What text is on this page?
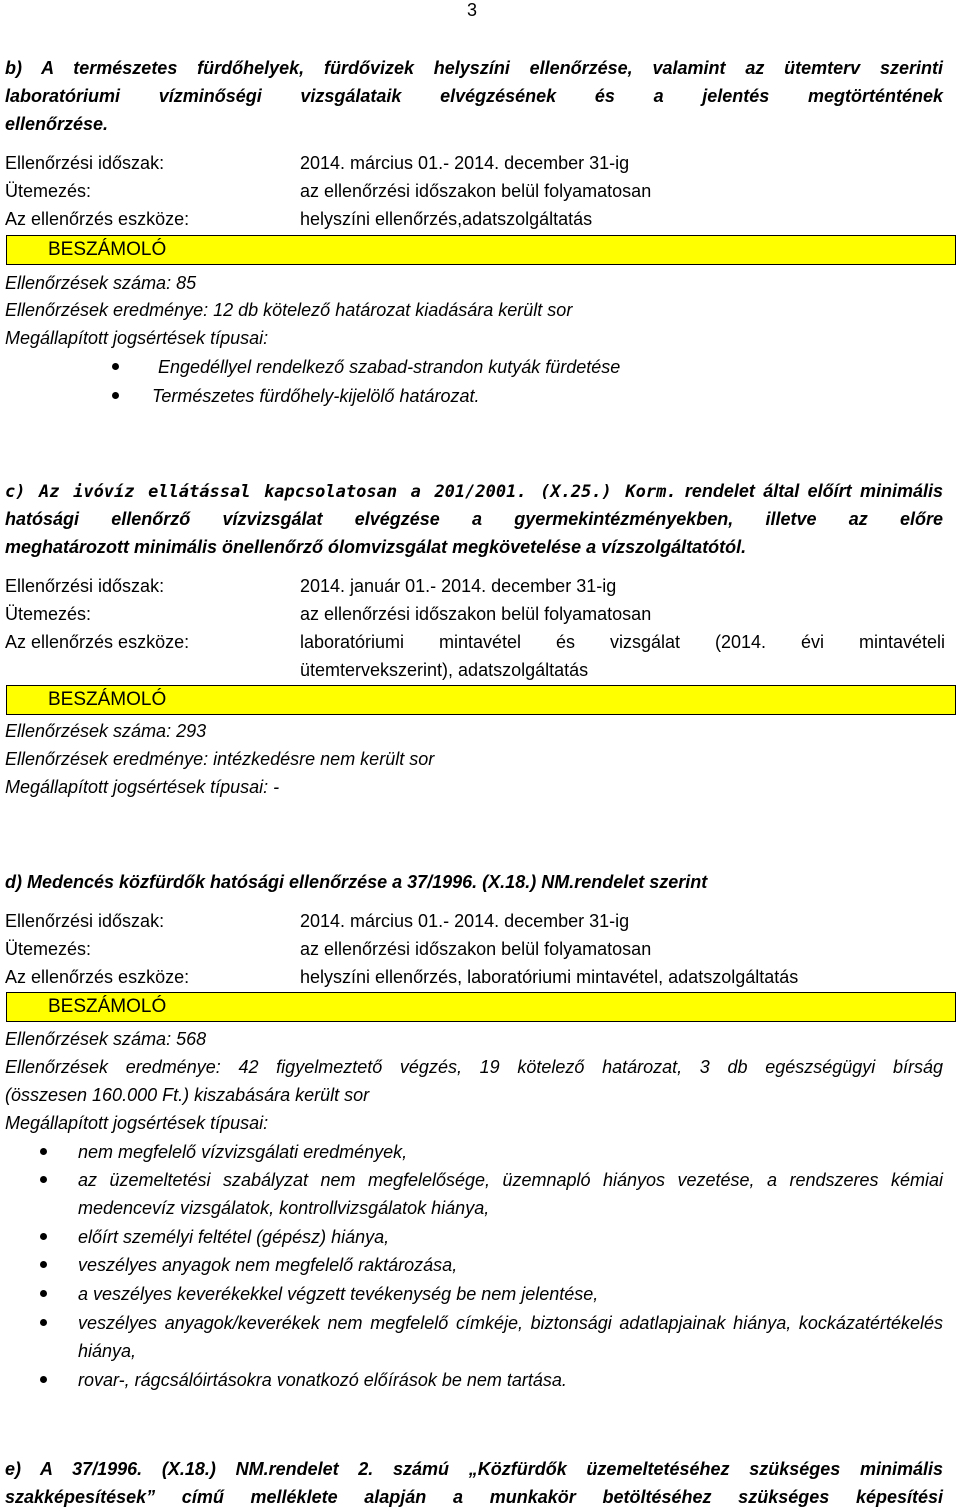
3
b) A természetes fürdőhelyek, fürdővizek helyszíni ellenőrzése, valamint az ütemterv szerinti
laboratóriumi vízminőségi vizsgálataik elvégzésének és a jelentés megtörténtének
ellenőrzése.
Ellenőrzési időszak:	2014. március 01.- 2014. december 31-ig
Ütemezés:	az ellenőrzési időszakon belül folyamatosan
Az ellenőrzés eszköze:	helyszíni ellenőrzés,adatszolgáltatás
BESZÁMOLÓ
Ellenőrzések száma: 85
Ellenőrzések eredménye: 12 db kötelező határozat kiadására került sor
Megállapított jogsértések típusai:
Engedéllyel rendelkező szabad-strandon kutyák fürdetése
Természetes fürdőhely-kijelölő határozat.
c) Az ivóvíz ellátással kapcsolatosan a 201/2001. (X.25.) Korm. rendelet által előírt minimális
hatósági ellenőrző vízvizsgálat elvégzése a gyermekintézményekben, illetve az előre
meghatározott minimális önellenőrző ólomvizsgálat megkövetelése a vízszolgáltatótól.
Ellenőrzési időszak:	2014. január 01.- 2014. december 31-ig
Ütemezés:	az ellenőrzési időszakon belül folyamatosan
Az ellenőrzés eszköze:	laboratóriumi mintavétel és vizsgálat (2014. évi mintavételi
ütemtervekszerint), adatszolgáltatás
BESZÁMOLÓ
Ellenőrzések száma: 293
Ellenőrzések eredménye: intézkedésre nem került sor
Megállapított jogsértések típusai: -
d) Medencés közfürdők hatósági ellenőrzése a 37/1996. (X.18.) NM.rendelet szerint
Ellenőrzési időszak:	2014. március 01.- 2014. december 31-ig
Ütemezés:	az ellenőrzési időszakon belül folyamatosan
Az ellenőrzés eszköze:	helyszíni ellenőrzés, laboratóriumi mintavétel, adatszolgáltatás
BESZÁMOLÓ
Ellenőrzések száma: 568
Ellenőrzések eredménye: 42 figyelmeztető végzés, 19 kötelező határozat, 3 db egészségügyi bírság
(összesen 160.000 Ft.) kiszabására került sor
Megállapított jogsértések típusai:
nem megfelelő vízvizsgálati eredmények,
az üzemeltetési szabályzat nem megfelelősége, üzemnapló hiányos vezetése, a rendszeres kémiai medencevíz vizsgálatok, kontrollvizsgálatok hiánya,
előírt személyi feltétel (gépész) hiánya,
veszélyes anyagok nem megfelelő raktározása,
a veszélyes keverékekkel végzett tevékenység be nem jelentése,
veszélyes anyagok/keverékek nem megfelelő címkéje, biztonsági adatlapjainak hiánya, kockázatértékelés hiánya,
rovar-, rágcsálóirtásokra vonatkozó előírások be nem tartása.
e) A 37/1996. (X.18.) NM.rendelet 2. számú „Közfürdők üzemeltetéséhez szükséges minimális
szakképesítések” című melléklete alapján a munkakör betöltéséhez szükséges képesítési
